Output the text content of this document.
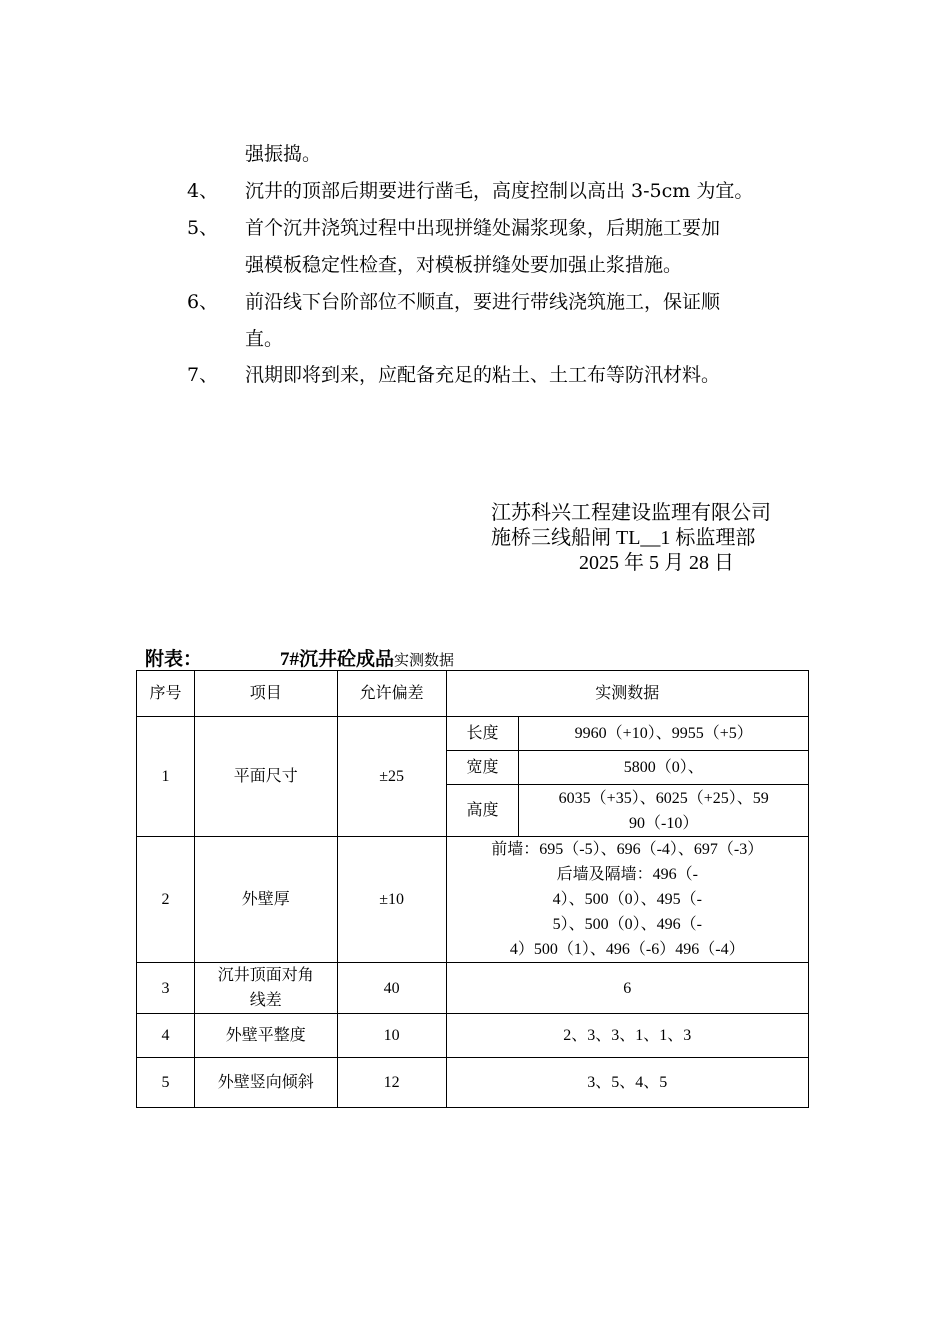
强振捣。
4、	沉井的顶部后期要进行凿毛，高度控制以高出 3-5cm 为宜。
5、	首个沉井浇筑过程中出现拼缝处漏浆现象，后期施工要加
强模板稳定性检查，对模板拼缝处要加强止浆措施。
6、	前沿线下台阶部位不顺直，要进行带线浇筑施工，保证顺
直。
7、	汛期即将到来，应配备充足的粘土、土工布等防汛材料。
江苏科兴工程建设监理有限公司
施桥三线船闸 TL__1 标监理部
2025 年 5 月 28 日
附表：	7#沉井砼成品实测数据
序号	项目	允许偏差	实测数据	
1	平面尺寸	±25	长度	9960（+10）、9955（+5）
			宽度	5800（0）、
			高度	6035（+35）、6025（+25）、59
90（-10）

2	外壁厚	±10	前墙：695（-5）、696（-4）、697（-3）
后墙及隔墙：496（-
4）、500（0）、495（-
5）、500（0）、496（-
4）500（1）、496（-6）496（-4）	

3	沉井顶面对角
线差	40	6	
4	外壁平整度	10	2、3、3、1、1、3	
5	外壁竖向倾斜	12	3、5、4、5	
